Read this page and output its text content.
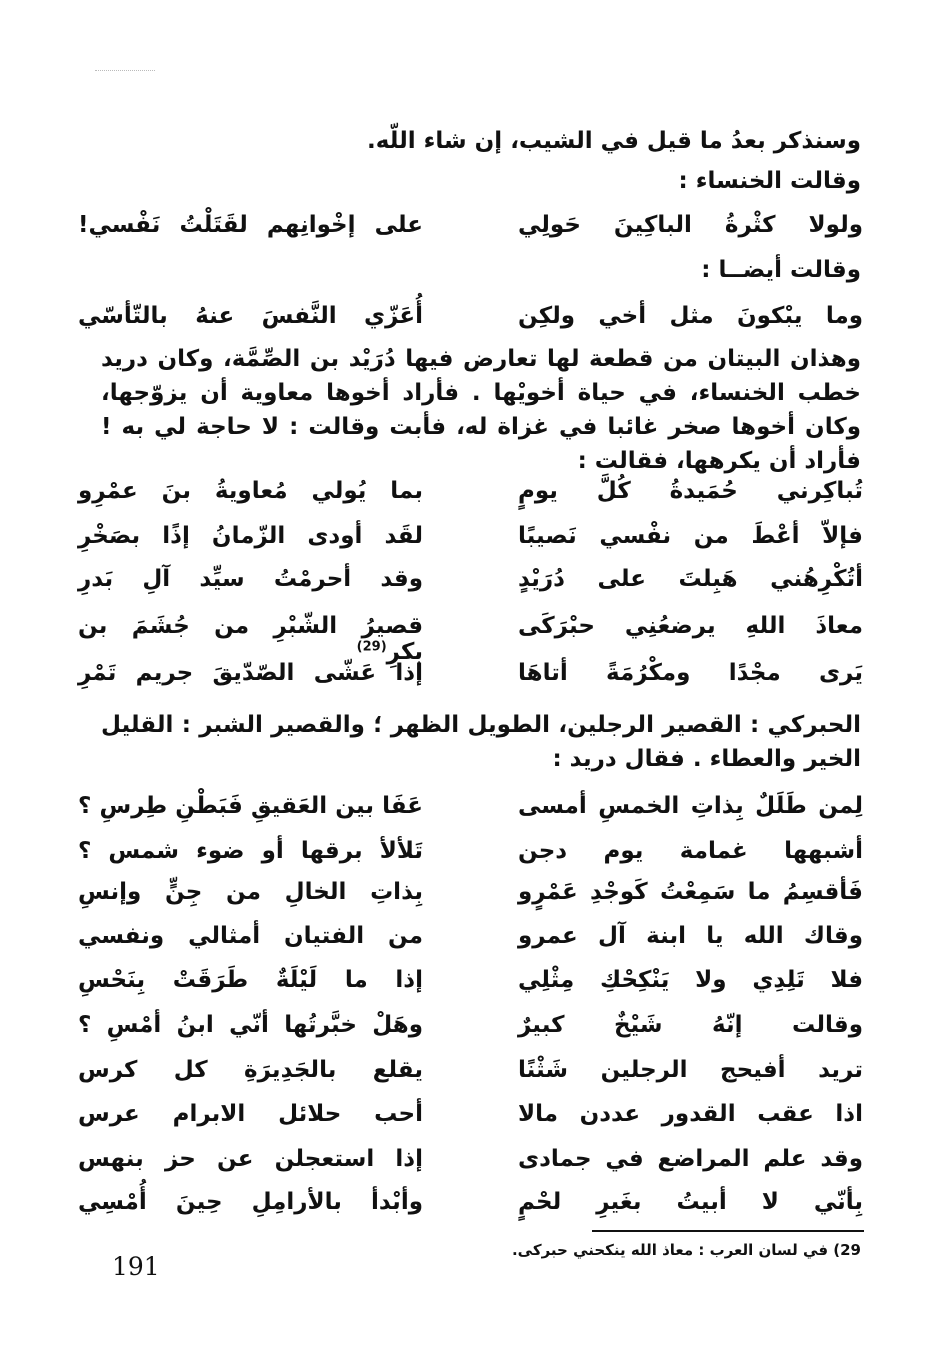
وسنذكر بعدُ ما قيل في الشيب، إن شاء اللّه.
وقالت الخنساء :
ولولا كثْرةُ الباكِينَ حَولِي
على إخْوانِهم لقَتَلْتُ نَفْسي!
وقالت أيضــا :
وما يبْكونَ مثل أخي ولكِن
أُعَزّي النَّفسَ عنهُ بالتّأسّي
وهذان البيتان من قطعة لها تعارض فيها دُرَيْد بن الصِّمَّة، وكان دريد خطب الخنساء، في حياة أخويْها . فأراد أخوها معاوية أن يزوّجها، وكان أخوها صخر غائبا في غزاة له، فأبت وقالت : لا حاجة لي به ! فأراد أن يكرهها، فقالت :
تُباكِرني حُمَيدةُ كُلَّ يومٍ
بما يُولي مُعاويةُ بنَ عمْرِو
فإلاّ أعْطَ من نفْسي نَصيبًا
لقَد أودى الزّمانُ إذًا بصَخْرِ
أتُكْرِهُني هَبِلتَ على دُرَيْدٍ
وقد أحرمْتُ سيِّد آلِ بَدرِ
معاذَ اللهِ يرضعُنِي حبْرَكَى
قصيرُ الشّبْرِ من جُشَمَ بن بكرِ$^{(29)}$
يَرى مجْدًا ومكْرُمَةً أتاهَا
إذا عَشّى الصّدّيقَ جريم تَمْرِ
الحبركي : القصير الرجلين، الطويل الظهر ؛ والقصير الشبر : القليل الخير والعطاء . فقال دريد :
لِمن طَلَلٌ بِذاتِ الخمسِ أمسى
عَفَا بين العَقيقِ فَبَطْنِ طِرسِ ؟
أشبهها غمامة يوم دجن
تَلألأ برقها أو ضوء شمس ؟
فَأقسِمُ ما سَمِعْتُ كَوجْدِ عَمْرٍو
بِذاتِ الخالِ من جِنٍّ وإنسِ
وقاك الله يا ابنة آل عمرو
من الفتيان أمثالي ونفسي
فلا تَلِدِي ولا يَنْكِحْكِ مِثْلِي
إذا ما لَيْلَةٌ طَرَقَتْ بِنَحْسِ
وقالت إنّهُ شَيْخٌ كبيرٌ
وهَلْ خبَّرتُها أنّي ابنُ أمْسِ ؟
تريد أفيحج الرجلين شَثْنًا
يقلع بالجَدِيرَةِ كل كرس
اذا عقب القدور عددن مالا
أحب حلائل الابرام عرس
وقد علم المراضع في جمادى
إذا استعجلن عن حز بنهس
بِأنّي لا أبيتُ بغَيرِ لحْمٍ
وأبْدأ بالأرامِلِ حِينَ أُمْسِي
29) في لسان العرب : معاذ الله ينكحني حبركى.
191
